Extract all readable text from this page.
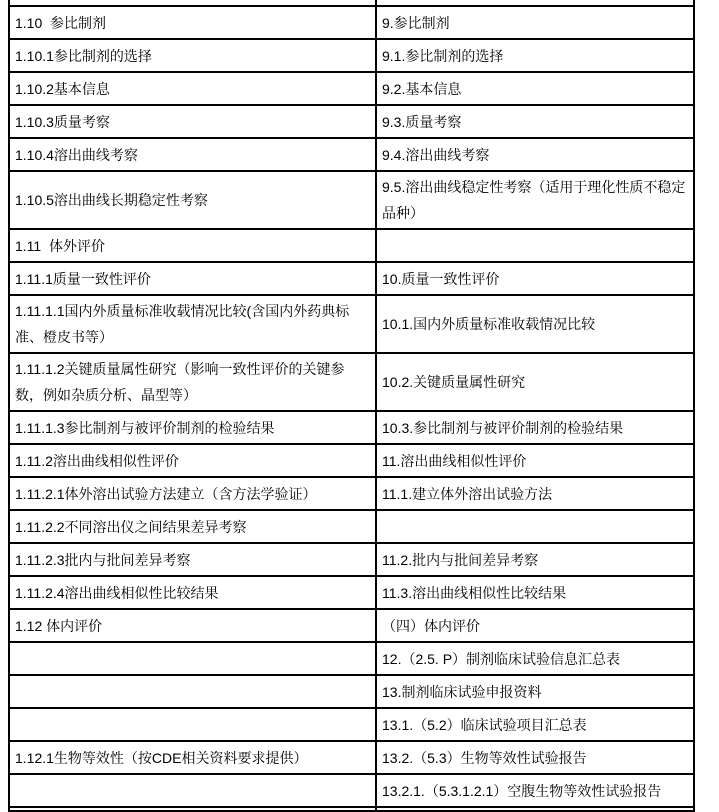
1.10  参比制剂	9.参比制剂
1.10.1参比制剂的选择	9.1.参比制剂的选择
1.10.2基本信息	9.2.基本信息
1.10.3质量考察	9.3.质量考察
1.10.4溶出曲线考察	9.4.溶出曲线考察
1.10.5溶出曲线长期稳定性考察	9.5.溶出曲线稳定性考察（适用于理化性质不稳定品种）
1.11  体外评价	
1.11.1质量一致性评价	10.质量一致性评价
1.11.1.1国内外质量标准收载情况比较(含国内外药典标准、橙皮书等）	10.1.国内外质量标准收载情况比较
1.11.1.2关键质量属性研究（影响一致性评价的关键参数，例如杂质分析、晶型等）	10.2.关键质量属性研究
1.11.1.3参比制剂与被评价制剂的检验结果	10.3.参比制剂与被评价制剂的检验结果
1.11.2溶出曲线相似性评价	11.溶出曲线相似性评价
1.11.2.1体外溶出试验方法建立（含方法学验证）	11.1.建立体外溶出试验方法
1.11.2.2不同溶出仪之间结果差异考察	
1.11.2.3批内与批间差异考察	11.2.批内与批间差异考察
1.11.2.4溶出曲线相似性比较结果	11.3.溶出曲线相似性比较结果
1.12 体内评价	（四）体内评价
	12.（2.5. P）制剂临床试验信息汇总表
	13.制剂临床试验申报资料
	13.1.（5.2）临床试验项目汇总表
1.12.1生物等效性（按CDE相关资料要求提供）	13.2.（5.3）生物等效性试验报告
	13.2.1.（5.3.1.2.1）空腹生物等效性试验报告
